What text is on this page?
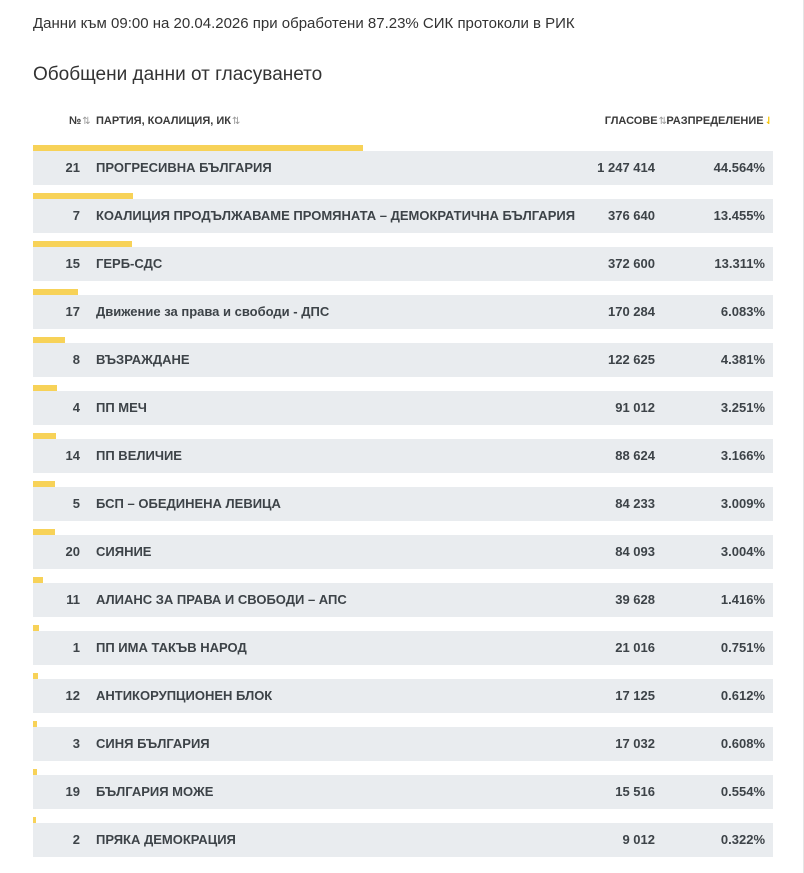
Данни към 09:00 на 20.04.2026 при обработени 87.23% СИК протоколи в РИК
Обобщени данни от гласуването
№⇅ ПАРТИЯ, КОАЛИЦИЯ, ИК⇅	ГЛАСОВЕ⇅ РАЗПРЕДЕЛЕНИЕ⇃
21 ПРОГРЕСИВНА БЪЛГАРИЯ	1 247 414	44.564%
7 КОАЛИЦИЯ ПРОДЪЛЖАВАМЕ ПРОМЯНАТА – ДЕМОКРАТИЧНА БЪЛГАРИЯ	376 640	13.455%
15 ГЕРБ-СДС	372 600	13.311%
17 Движение за права и свободи - ДПС	170 284	6.083%
8 ВЪЗРАЖДАНЕ	122 625	4.381%
4 ПП МЕЧ	91 012	3.251%
14 ПП ВЕЛИЧИЕ	88 624	3.166%
5 БСП – ОБЕДИНЕНА ЛЕВИЦА	84 233	3.009%
20 СИЯНИЕ	84 093	3.004%
11 АЛИАНС ЗА ПРАВА И СВОБОДИ – АПС	39 628	1.416%
1 ПП ИМА ТАКЪВ НАРОД	21 016	0.751%
12 АНТИКОРУПЦИОНЕН БЛОК	17 125	0.612%
3 СИНЯ БЪЛГАРИЯ	17 032	0.608%
19 БЪЛГАРИЯ МОЖЕ	15 516	0.554%
2 ПРЯКА ДЕМОКРАЦИЯ	9 012	0.322%
